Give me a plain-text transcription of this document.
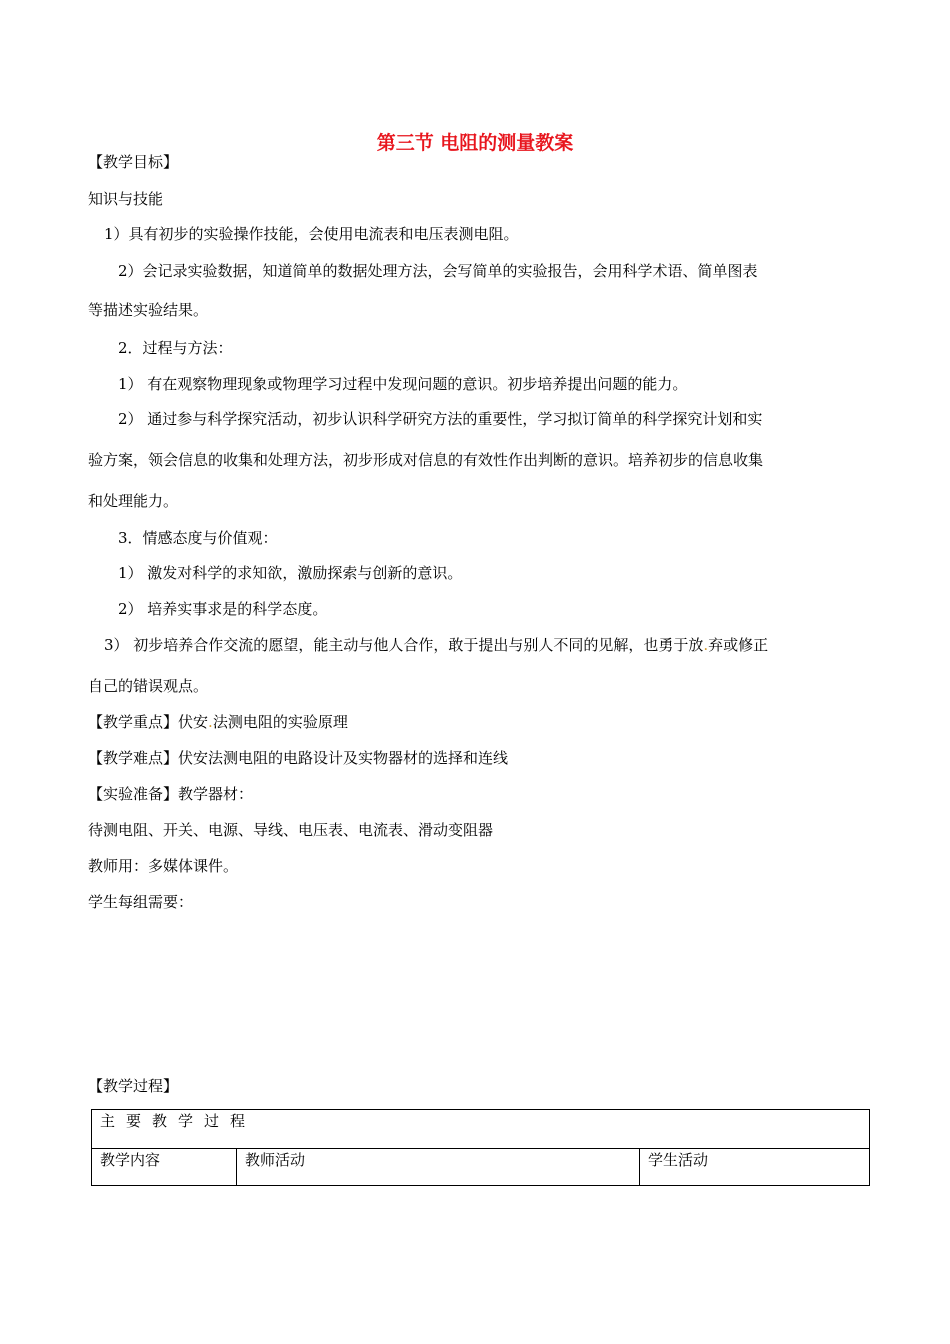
第三节 电阻的测量教案
【教学目标】
知识与技能
1）具有初步的实验操作技能，会使用电流表和电压表测电阻。
2）会记录实验数据，知道简单的数据处理方法，会写简单的实验报告，会用科学术语、简单图表
等描述实验结果。
2．过程与方法：
1） 有在观察物理现象或物理学习过程中发现问题的意识。初步培养提出问题的能力。
2） 通过参与科学探究活动，初步认识科学研究方法的重要性，学习拟订简单的科学探究计划和实
验方案，领会信息的收集和处理方法，初步形成对信息的有效性作出判断的意识。培养初步的信息收集
和处理能力。
3．情感态度与价值观：
1） 激发对科学的求知欲，激励探索与创新的意识。
2） 培养实事求是的科学态度。
3） 初步培养合作交流的愿望，能主动与他人合作，敢于提出与别人不同的见解，也勇于放.弃或修正
自己的错误观点。
【教学重点】伏安.法测电阻的实验原理
【教学难点】伏安法测电阻的电路设计及实物器材的选择和连线
【实验准备】教学器材：
待测电阻、开关、电源、导线、电压表、电流表、滑动变阻器
教师用：多媒体课件。
学生每组需要：
【教学过程】
主要教学过程
教学内容	教师活动	学生活动
